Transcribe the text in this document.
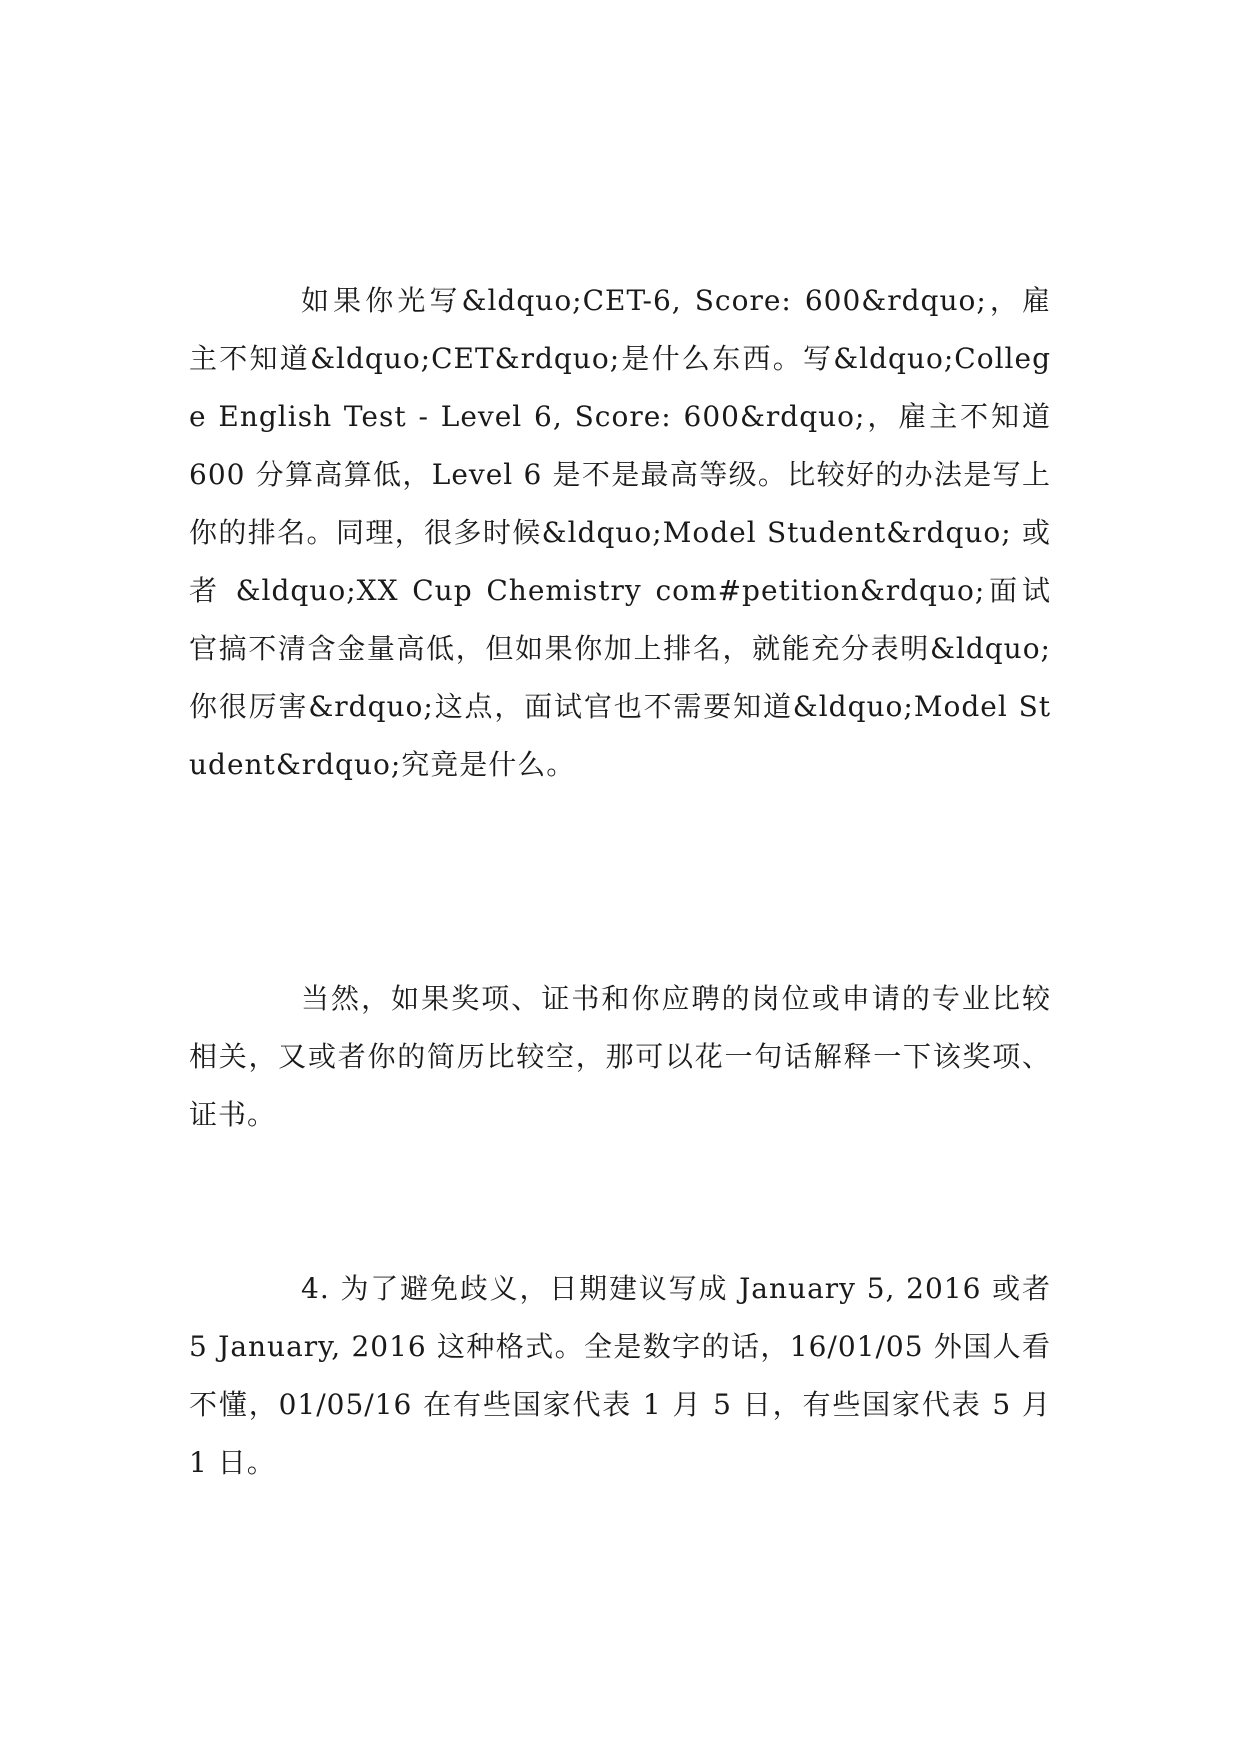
如果你光写&ldquo;CET-6, Score: 600&rdquo;，雇主不知道&ldquo;CET&rdquo;是什么东西。写&ldquo;College English Test - Level 6, Score: 600&rdquo;，雇主不知道 600 分算高算低，Level 6 是不是最高等级。比较好的办法是写上你的排名。同理，很多时候&ldquo;Model Student&rdquo; 或 者 &ldquo;XX Cup Chemistry com#petition&rdquo;面试官搞不清含金量高低，但如果你加上排名，就能充分表明&ldquo;你很厉害&rdquo;这点，面试官也不需要知道&ldquo;Model Student&rdquo;究竟是什么。

当然，如果奖项、证书和你应聘的岗位或申请的专业比较相关，又或者你的简历比较空，那可以花一句话解释一下该奖项、证书。

4. 为了避免歧义，日期建议写成 January 5, 2016 或者 5 January, 2016 这种格式。全是数字的话，16/01/05 外国人看不懂，01/05/16 在有些国家代表 1 月 5 日，有些国家代表 5 月 1 日。
